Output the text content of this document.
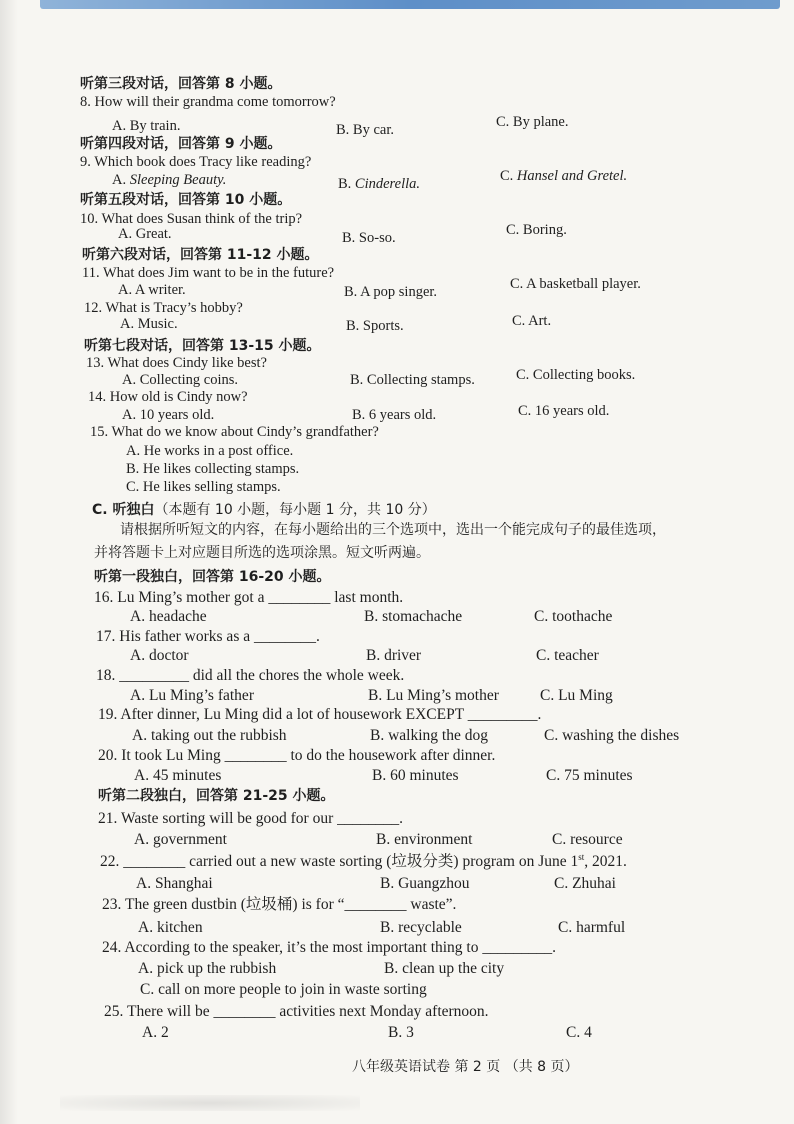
听第三段对话，回答第 8 小题。
8. How will their grandma come tomorrow?
A. By train.	B. By car.	C. By plane.
听第四段对话，回答第 9 小题。
9. Which book does Tracy like reading?
A. Sleeping Beauty.	B. Cinderella.	C. Hansel and Gretel.
听第五段对话，回答第 10 小题。
10. What does Susan think of the trip?
A. Great.	B. So-so.	C. Boring.
听第六段对话，回答第 11-12 小题。
11. What does Jim want to be in the future?
A. A writer.	B. A pop singer.	C. A basketball player.
12. What is Tracy’s hobby?
A. Music.	B. Sports.	C. Art.
听第七段对话，回答第 13-15 小题。
13. What does Cindy like best?
A. Collecting coins.	B. Collecting stamps.	C. Collecting books.
14. How old is Cindy now?
A. 10 years old.	B. 6 years old.	C. 16 years old.
15. What do we know about Cindy’s grandfather?
A. He works in a post office.
B. He likes collecting stamps.
C. He likes selling stamps.
C. 听独白（本题有 10 小题，每小题 1 分，共 10 分）
请根据所听短文的内容，在每小题给出的三个选项中，选出一个能完成句子的最佳选项，
并将答题卡上对应题目所选的选项涂黑。短文听两遍。
听第一段独白，回答第 16-20 小题。
16. Lu Ming’s mother got a ________ last month.
A. headache	B. stomachache	C. toothache
17. His father works as a ________.
A. doctor	B. driver	C. teacher
18. _________ did all the chores the whole week.
A. Lu Ming’s father	B. Lu Ming’s mother	C. Lu Ming
19. After dinner, Lu Ming did a lot of housework EXCEPT _________.
A. taking out the rubbish	B. walking the dog	C. washing the dishes
20. It took Lu Ming ________ to do the housework after dinner.
A. 45 minutes	B. 60 minutes	C. 75 minutes
听第二段独白，回答第 21-25 小题。
21. Waste sorting will be good for our ________.
A. government	B. environment	C. resource
22. ________ carried out a new waste sorting (垃圾分类) program on June 1st, 2021.
A. Shanghai	B. Guangzhou	C. Zhuhai
23. The green dustbin (垃圾桶) is for “________ waste”.
A. kitchen	B. recyclable	C. harmful
24. According to the speaker, it’s the most important thing to _________.
A. pick up the rubbish	B. clean up the city
C. call on more people to join in waste sorting
25. There will be ________ activities next Monday afternoon.
A. 2	B. 3	C. 4
八年级英语试卷 第 2 页 （共 8 页）
